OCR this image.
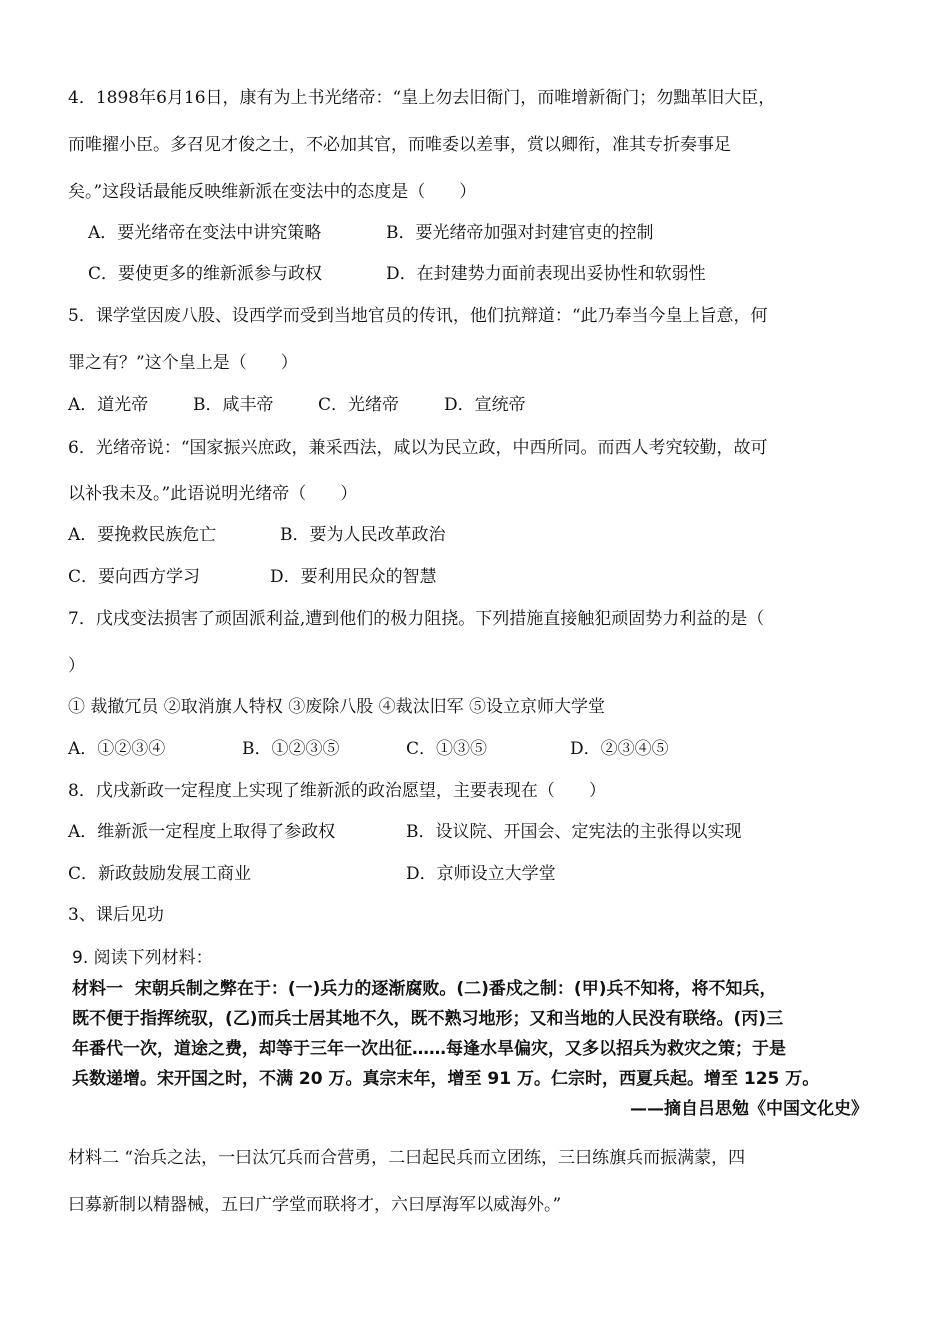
4．1898年6月16日，康有为上书光绪帝：“皇上勿去旧衙门，而唯增新衙门；勿黜革旧大臣，
而唯擢小臣。多召见才俊之士，不必加其官，而唯委以差事，赏以卿衔，准其专折奏事足
矣。”这段话最能反映维新派在变法中的态度是（　　）
A．要光绪帝在变法中讲究策略	B．要光绪帝加强对封建官吏的控制
C．要使更多的维新派参与政权	D．在封建势力面前表现出妥协性和软弱性
5．课学堂因废八股、设西学而受到当地官员的传讯，他们抗辩道：“此乃奉当今皇上旨意，何
罪之有？”这个皇上是（　　）
A．道光帝	B．咸丰帝	C．光绪帝	D．宣统帝
6．光绪帝说：“国家振兴庶政，兼采西法，咸以为民立政，中西所同。而西人考究较勤，故可
以补我未及。”此语说明光绪帝（　　）
A．要挽救民族危亡	B．要为人民改革政治
C．要向西方学习	D．要利用民众的智慧
7．戊戌变法损害了顽固派利益,遭到他们的极力阻挠。下列措施直接触犯顽固势力利益的是（
）
① 裁撤冗员 ②取消旗人特权 ③废除八股 ④裁汰旧军 ⑤设立京师大学堂
A．①②③④	B．①②③⑤	C．①③⑤	D．②③④⑤
8．戊戌新政一定程度上实现了维新派的政治愿望，主要表现在（　　）
A．维新派一定程度上取得了参政权	B．设议院、开国会、定宪法的主张得以实现
C．新政鼓励发展工商业	D．京师设立大学堂
3、课后见功
9. 阅读下列材料：
材料一 宋朝兵制之弊在于：(一)兵力的逐渐腐败。(二)番戍之制：(甲)兵不知将，将不知兵，
既不便于指挥统驭，(乙)而兵士居其地不久，既不熟习地形；又和当地的人民没有联络。(丙)三
年番代一次，道途之费，却等于三年一次出征……每逢水旱偏灾，又多以招兵为救灾之策；于是
兵数递增。宋开国之时，不满 20 万。真宗末年，增至 91 万。仁宗时，西夏兵起。增至 125 万。
——摘自吕思勉《中国文化史》
材料二 “治兵之法，一曰汰冗兵而合营勇，二曰起民兵而立团练，三曰练旗兵而振满蒙，四
曰募新制以精器械，五曰广学堂而联将才，六曰厚海军以威海外。”
